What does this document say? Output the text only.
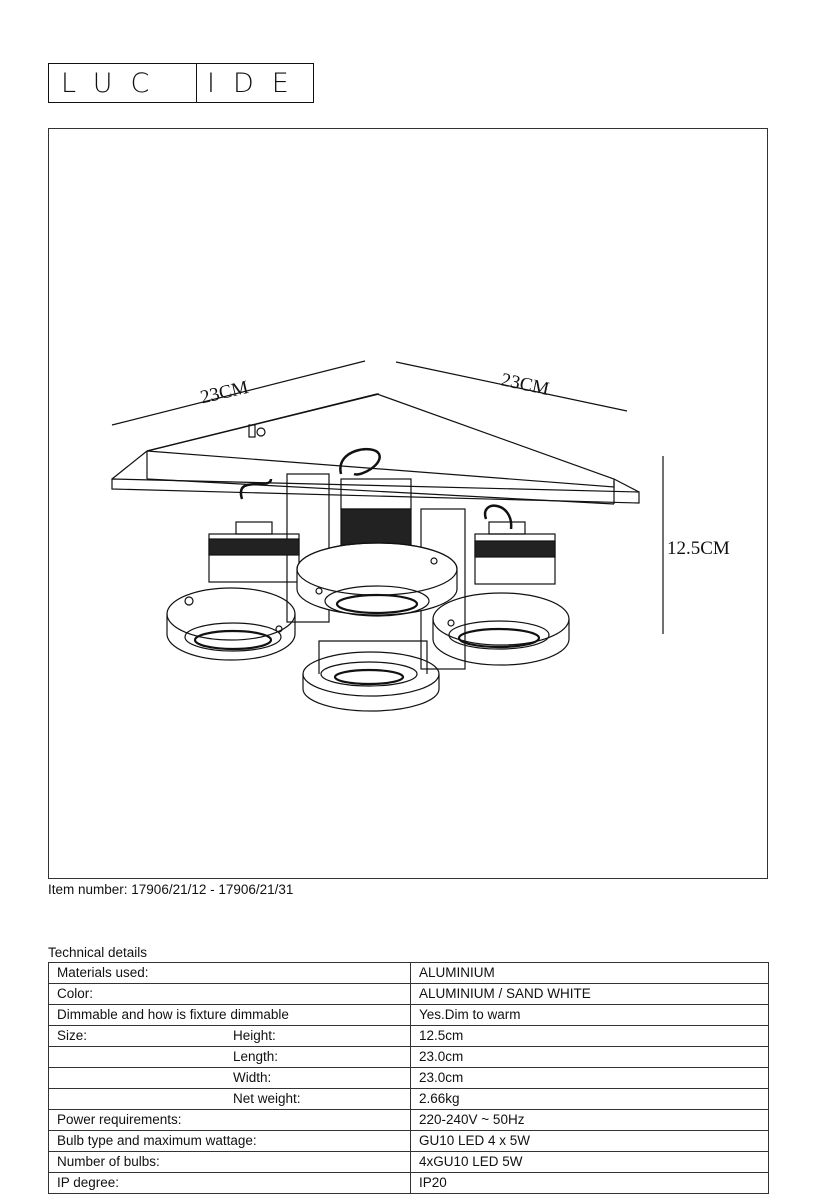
LUC	IDE
23CM	23CM
12.5CM
Item number: 17906/21/12 - 17906/21/31
Technical details
Materials used:	ALUMINIUM

Color:	ALUMINIUM / SAND WHITE

Dimmable and how is fixture dimmable	Yes.Dim to warm

Size: Height:	12.5cm

Length:	23.0cm

Width:	23.0cm

Net weight:	2.66kg

Power requirements:	220-240V ~ 50Hz

Bulb type and maximum wattage:	GU10 LED 4 x 5W

Number of bulbs:	4xGU10 LED 5W

IP degree:	IP20
